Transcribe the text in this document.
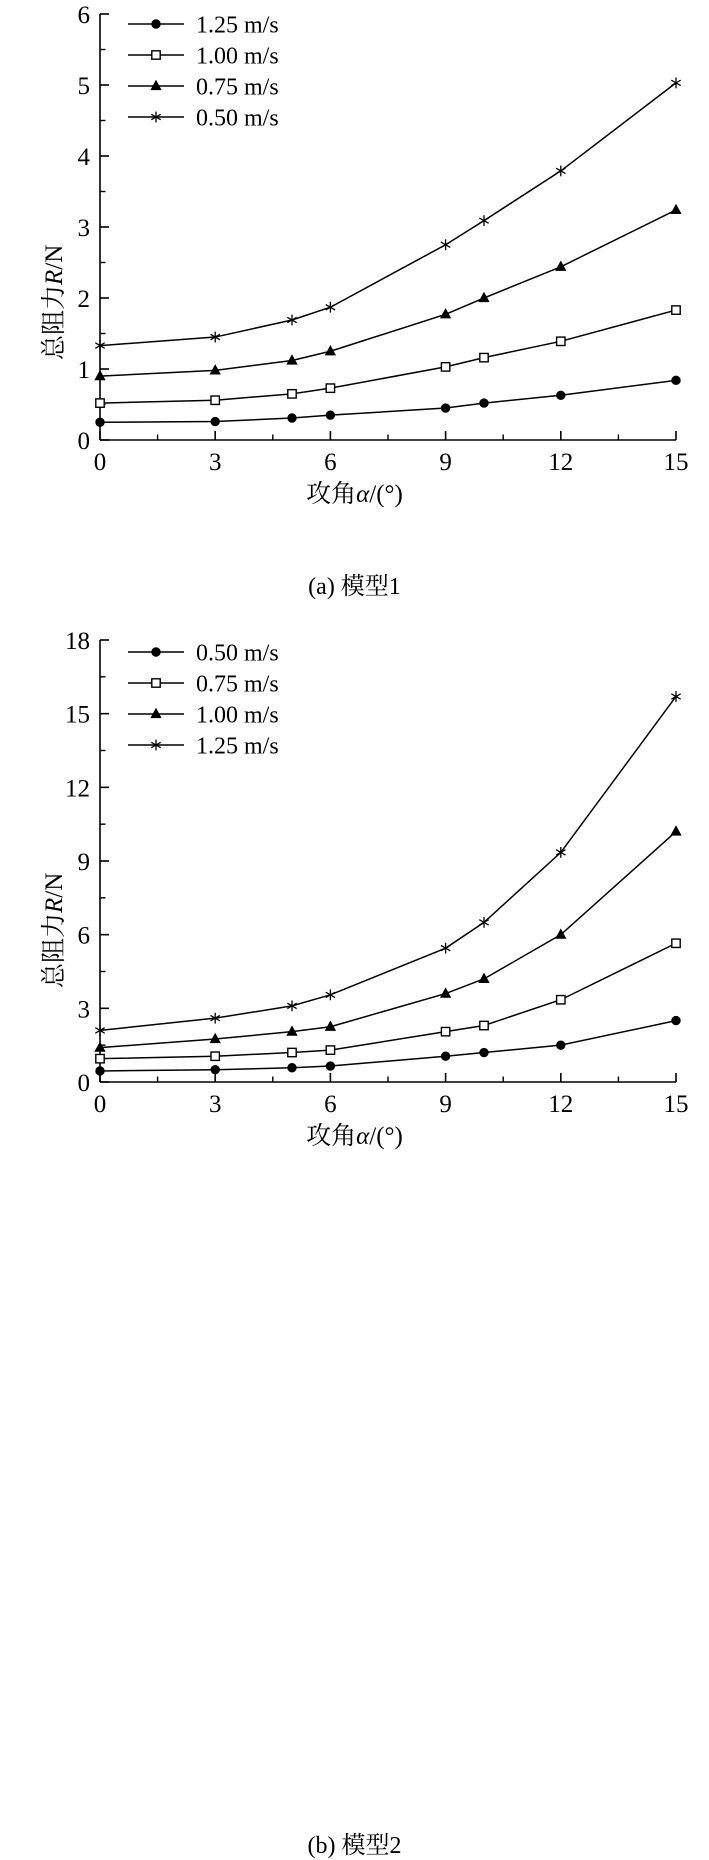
总阻力R/N
0
1
2
3
4
5
6
0	3	6	9	12	15
1.25 m/s
1.00 m/s
0.75 m/s
0.50 m/s
攻角α/(°)
(a) 模型1
总阻力R/N
0
3
6
9
12
15
18
0	3	6	9	12	15
0.50 m/s
0.75 m/s
1.00 m/s
1.25 m/s
攻角α/(°)
(b) 模型2
